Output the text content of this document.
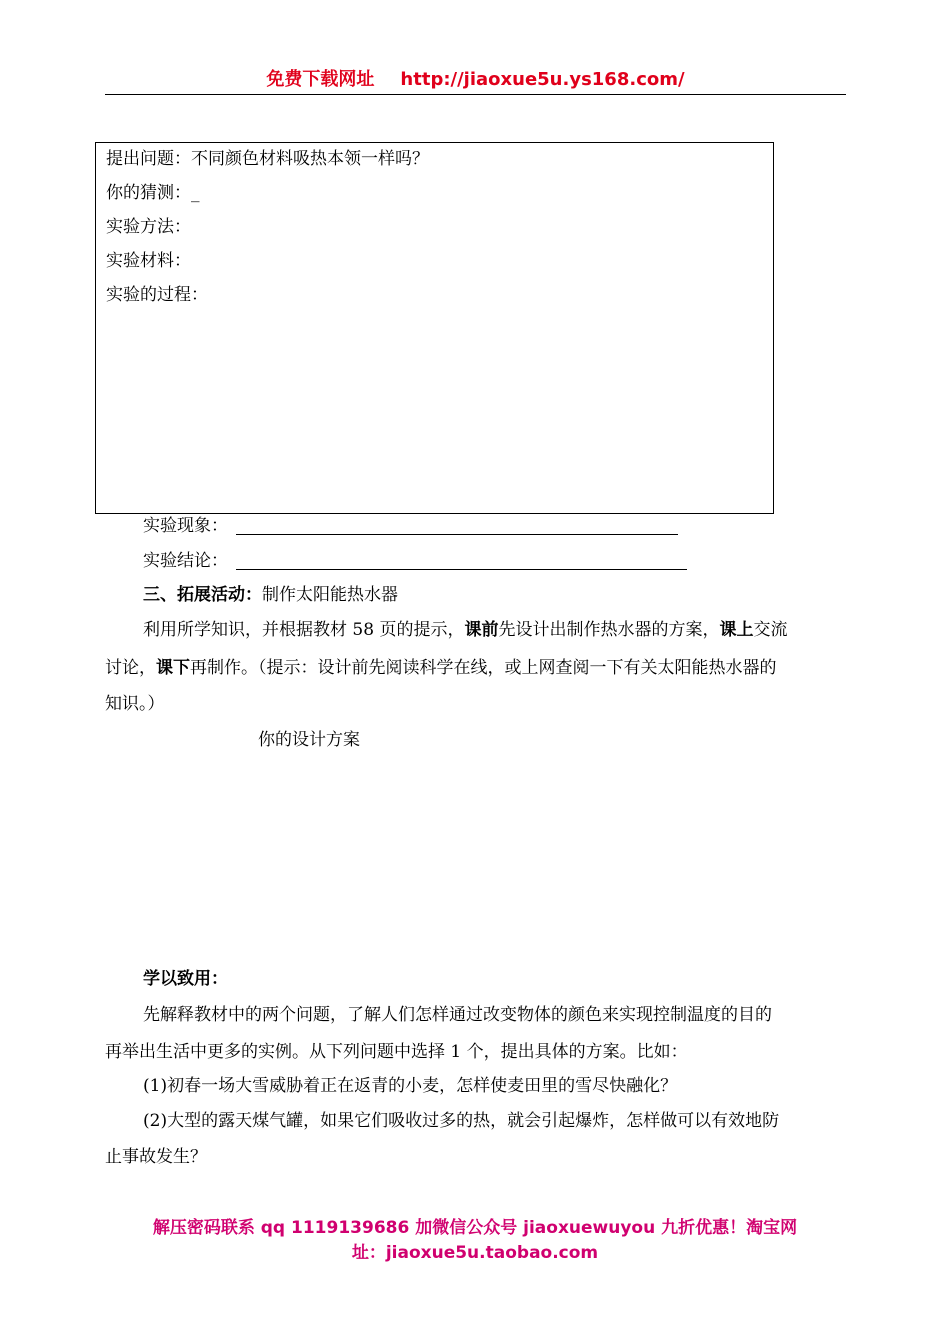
免费下载网址 http://jiaoxue5u.ys168.com/
提出问题：不同颜色材料吸热本领一样吗？
你的猜测：_
实验方法：
实验材料：
实验的过程：
实验现象：
实验结论：
三、拓展活动：制作太阳能热水器
利用所学知识，并根据教材 58 页的提示，课前先设计出制作热水器的方案，课上交流
讨论，课下再制作。（提示：设计前先阅读科学在线，或上网查阅一下有关太阳能热水器的
知识。）
你的设计方案
学以致用：
先解释教材中的两个问题，了解人们怎样通过改变物体的颜色来实现控制温度的目的
再举出生活中更多的实例。从下列问题中选择 1 个，提出具体的方案。比如：
(1)初春一场大雪威胁着正在返青的小麦，怎样使麦田里的雪尽快融化？
(2)大型的露天煤气罐，如果它们吸收过多的热，就会引起爆炸，怎样做可以有效地防
止事故发生？
解压密码联系 qq 1119139686 加微信公众号 jiaoxuewuyou 九折优惠！淘宝网
址：jiaoxue5u.taobao.com
